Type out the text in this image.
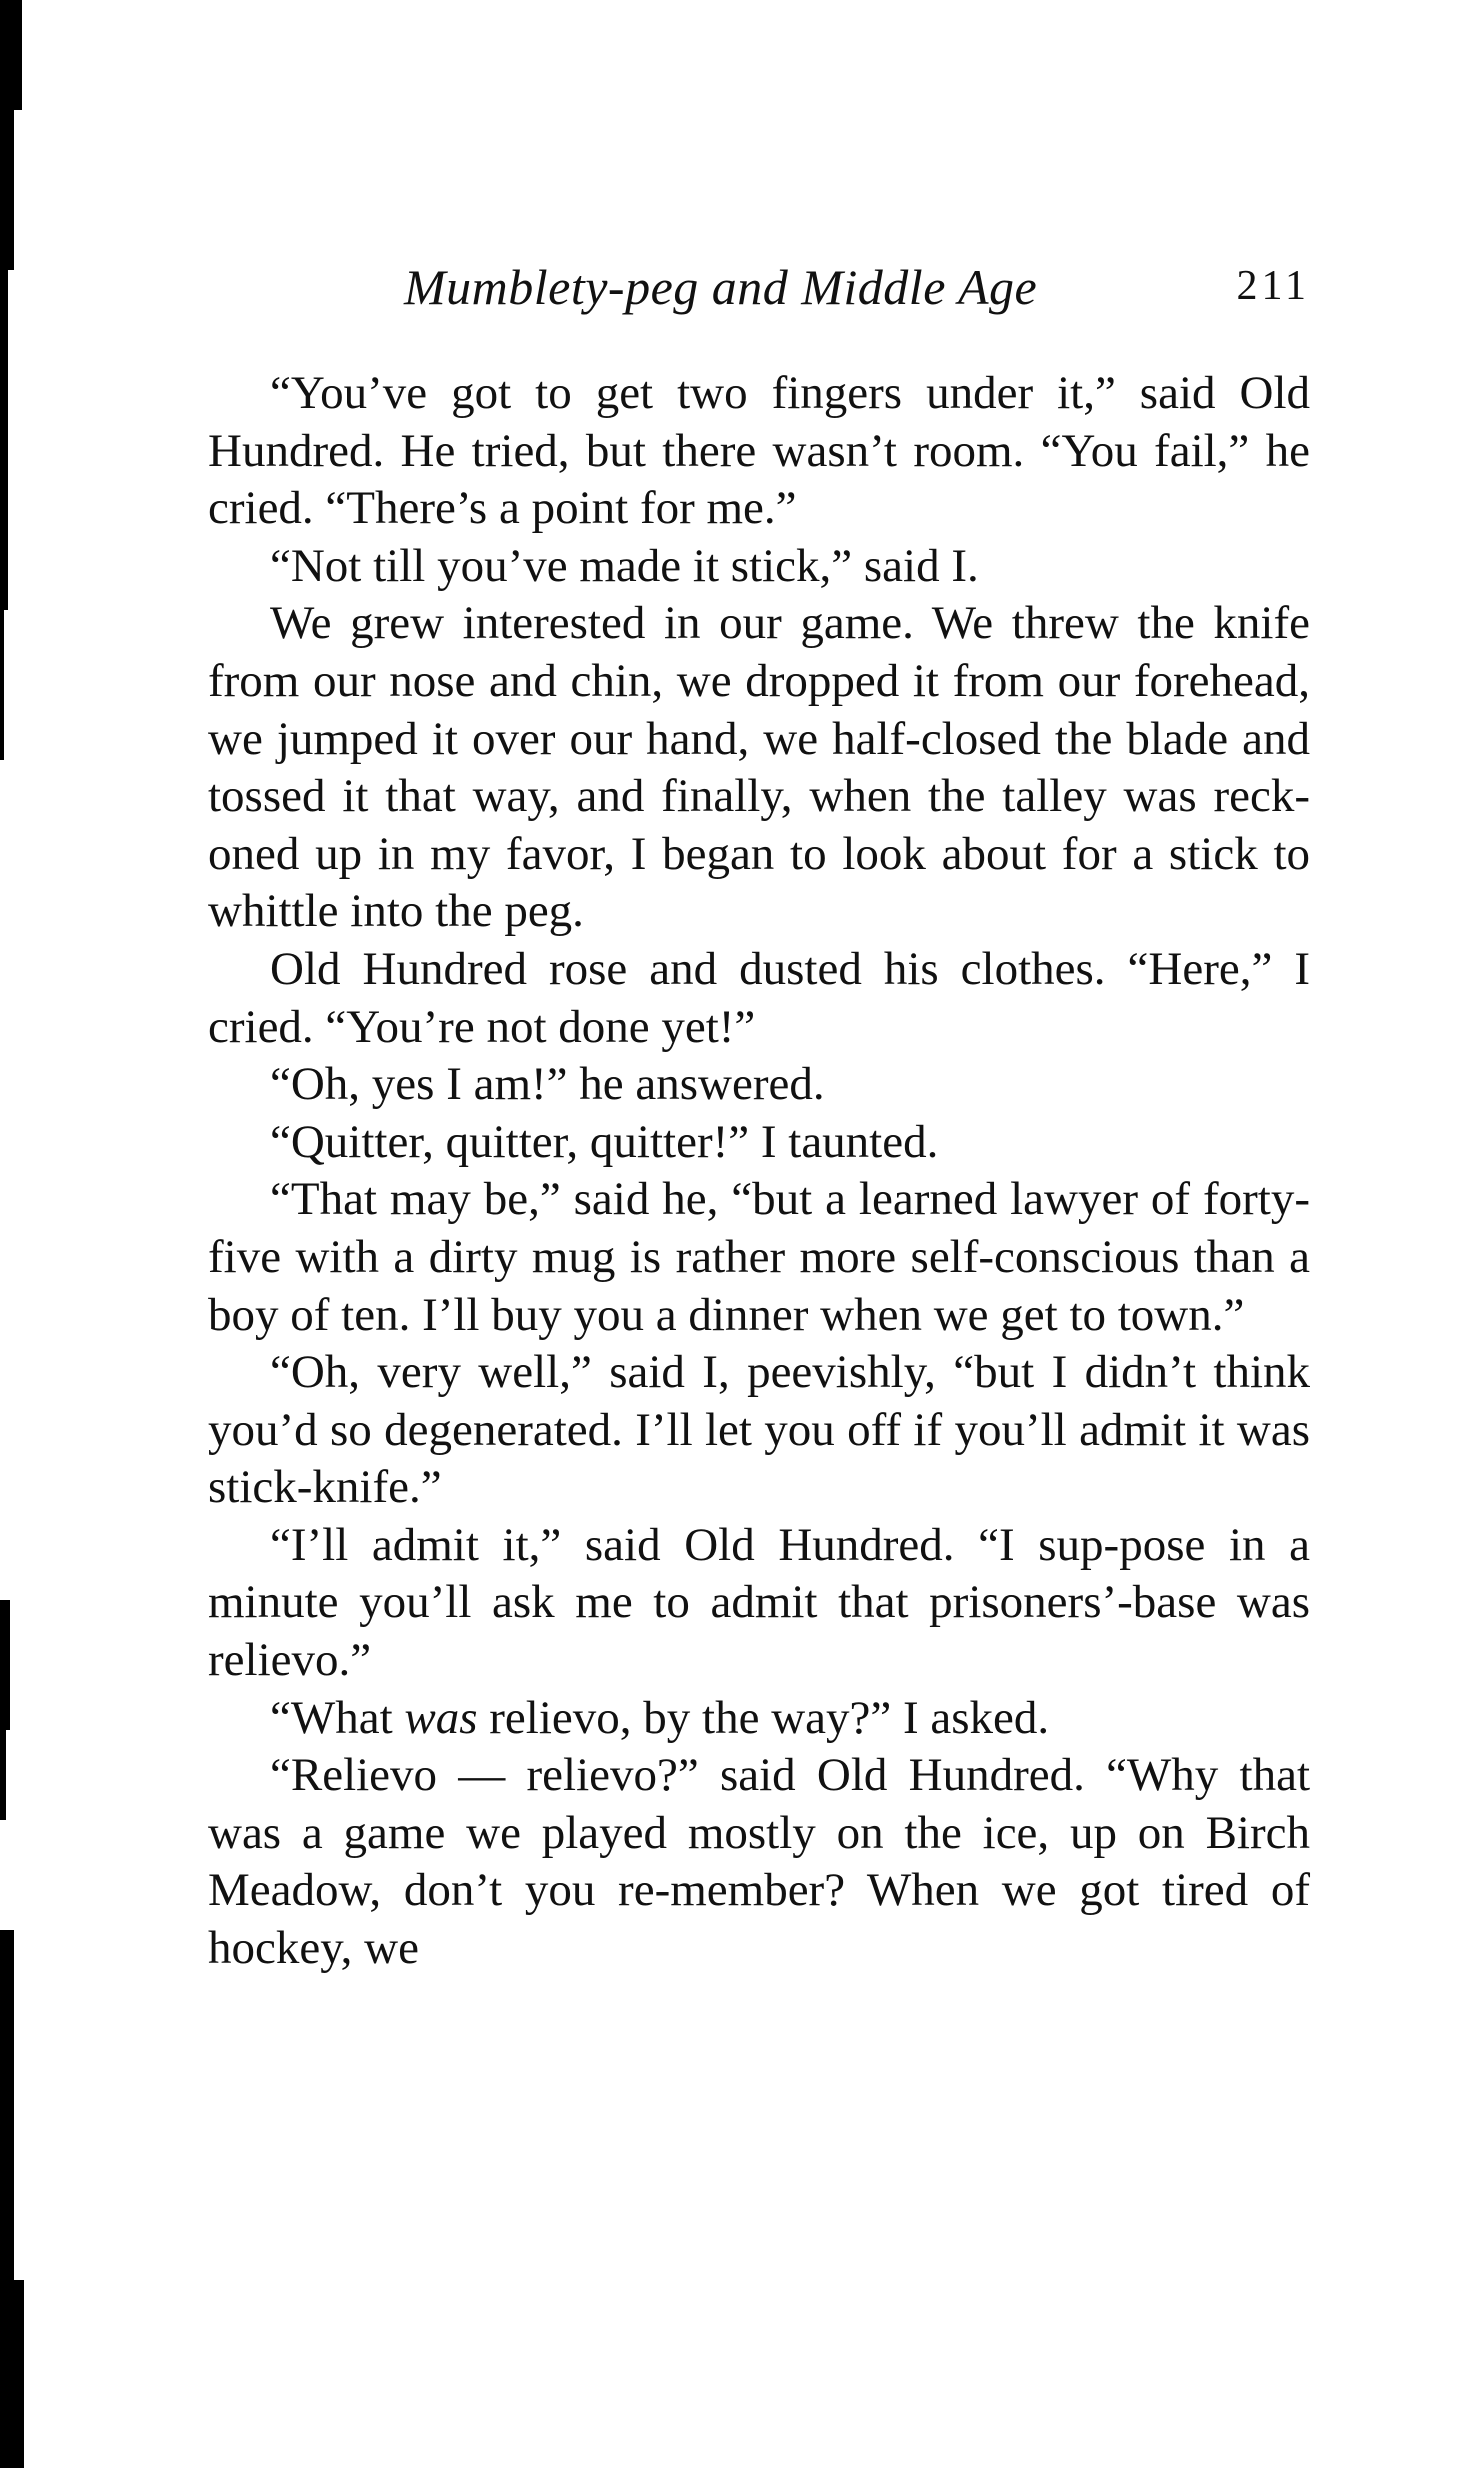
Mumblety-peg and Middle Age	211

“You’ve got to get two fingers under it,” said Old Hundred. He tried, but there wasn’t room. “You fail,” he cried. “There’s a point for me.”

“Not till you’ve made it stick,” said I.

We grew interested in our game. We threw the knife from our nose and chin, we dropped it from our forehead, we jumped it over our hand, we half-closed the blade and tossed it that way, and finally, when the talley was reck-oned up in my favor, I began to look about for a stick to whittle into the peg.

Old Hundred rose and dusted his clothes. “Here,” I cried. “You’re not done yet!”

“Oh, yes I am!” he answered.

“Quitter, quitter, quitter!” I taunted.

“That may be,” said he, “but a learned lawyer of forty-five with a dirty mug is rather more self-conscious than a boy of ten. I’ll buy you a dinner when we get to town.”

“Oh, very well,” said I, peevishly, “but I didn’t think you’d so degenerated. I’ll let you off if you’ll admit it was stick-knife.”

“I’ll admit it,” said Old Hundred. “I sup-pose in a minute you’ll ask me to admit that prisoners’-base was relievo.”

“What was relievo, by the way?” I asked.

“Relievo — relievo?” said Old Hundred. “Why that was a game we played mostly on the ice, up on Birch Meadow, don’t you re-member? When we got tired of hockey, we
